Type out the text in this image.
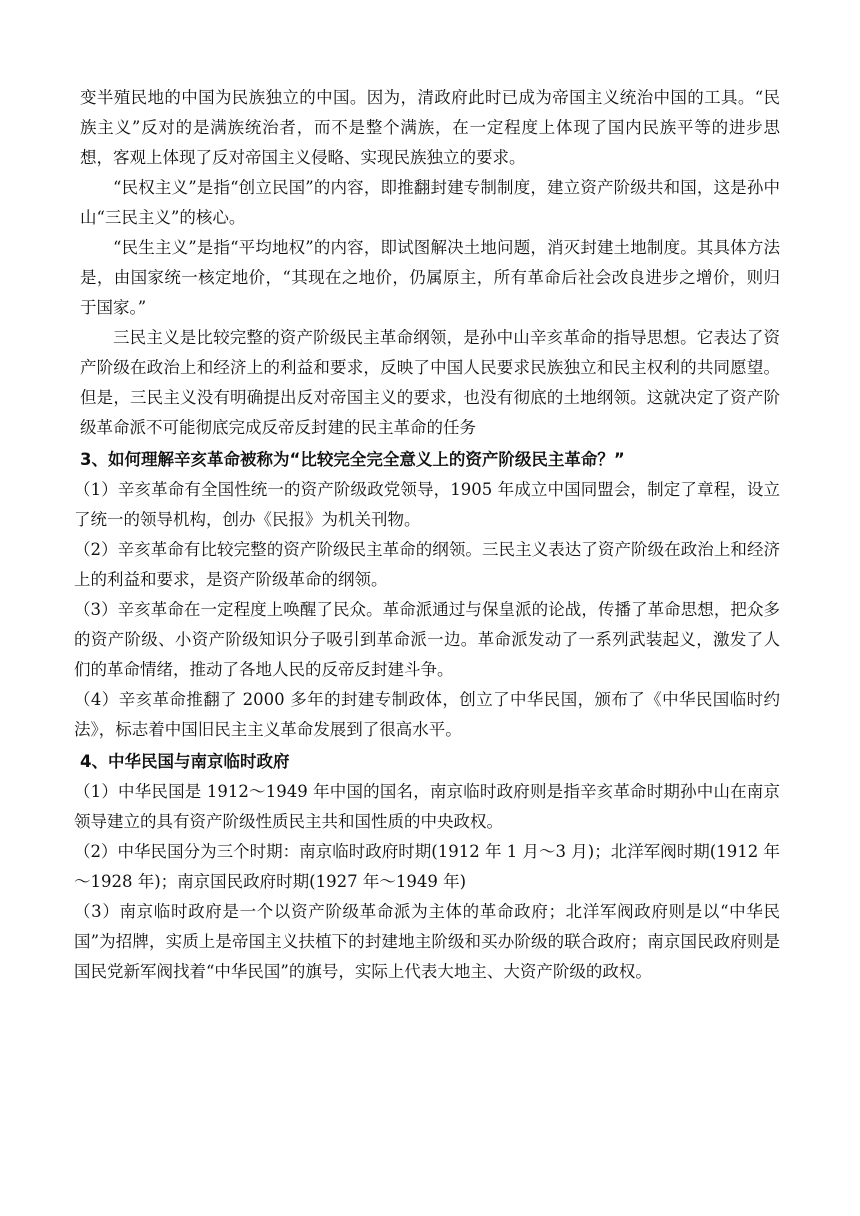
变半殖民地的中国为民族独立的中国。因为，清政府此时已成为帝国主义统治中国的工具。“民族主义”反对的是满族统治者，而不是整个满族，在一定程度上体现了国内民族平等的进步思想，客观上体现了反对帝国主义侵略、实现民族独立的要求。

“民权主义”是指“创立民国”的内容，即推翻封建专制制度，建立资产阶级共和国，这是孙中山“三民主义”的核心。

“民生主义”是指“平均地权”的内容，即试图解决土地问题，消灭封建土地制度。其具体方法是，由国家统一核定地价，“其现在之地价，仍属原主，所有革命后社会改良进步之增价，则归于国家。”

三民主义是比较完整的资产阶级民主革命纲领，是孙中山辛亥革命的指导思想。它表达了资产阶级在政治上和经济上的利益和要求，反映了中国人民要求民族独立和民主权利的共同愿望。但是，三民主义没有明确提出反对帝国主义的要求，也没有彻底的土地纲领。这就决定了资产阶级革命派不可能彻底完成反帝反封建的民主革命的任务

3、如何理解辛亥革命被称为“比较完全完全意义上的资产阶级民主革命？”

（1）辛亥革命有全国性统一的资产阶级政党领导，1905 年成立中国同盟会，制定了章程，设立了统一的领导机构，创办《民报》为机关刊物。

（2）辛亥革命有比较完整的资产阶级民主革命的纲领。三民主义表达了资产阶级在政治上和经济上的利益和要求，是资产阶级革命的纲领。

（3）辛亥革命在一定程度上唤醒了民众。革命派通过与保皇派的论战，传播了革命思想，把众多的资产阶级、小资产阶级知识分子吸引到革命派一边。革命派发动了一系列武装起义，激发了人们的革命情绪，推动了各地人民的反帝反封建斗争。

（4）辛亥革命推翻了 2000 多年的封建专制政体，创立了中华民国，颁布了《中华民国临时约法》，标志着中国旧民主主义革命发展到了很高水平。

4、中华民国与南京临时政府

（1）中华民国是 1912～1949 年中国的国名，南京临时政府则是指辛亥革命时期孙中山在南京领导建立的具有资产阶级性质民主共和国性质的中央政权。

（2）中华民国分为三个时期：南京临时政府时期(1912 年 1 月～3 月)；北洋军阀时期(1912 年～1928 年)；南京国民政府时期(1927 年～1949 年)

（3）南京临时政府是一个以资产阶级革命派为主体的革命政府；北洋军阀政府则是以“中华民国”为招牌，实质上是帝国主义扶植下的封建地主阶级和买办阶级的联合政府；南京国民政府则是国民党新军阀找着“中华民国”的旗号，实际上代表大地主、大资产阶级的政权。
